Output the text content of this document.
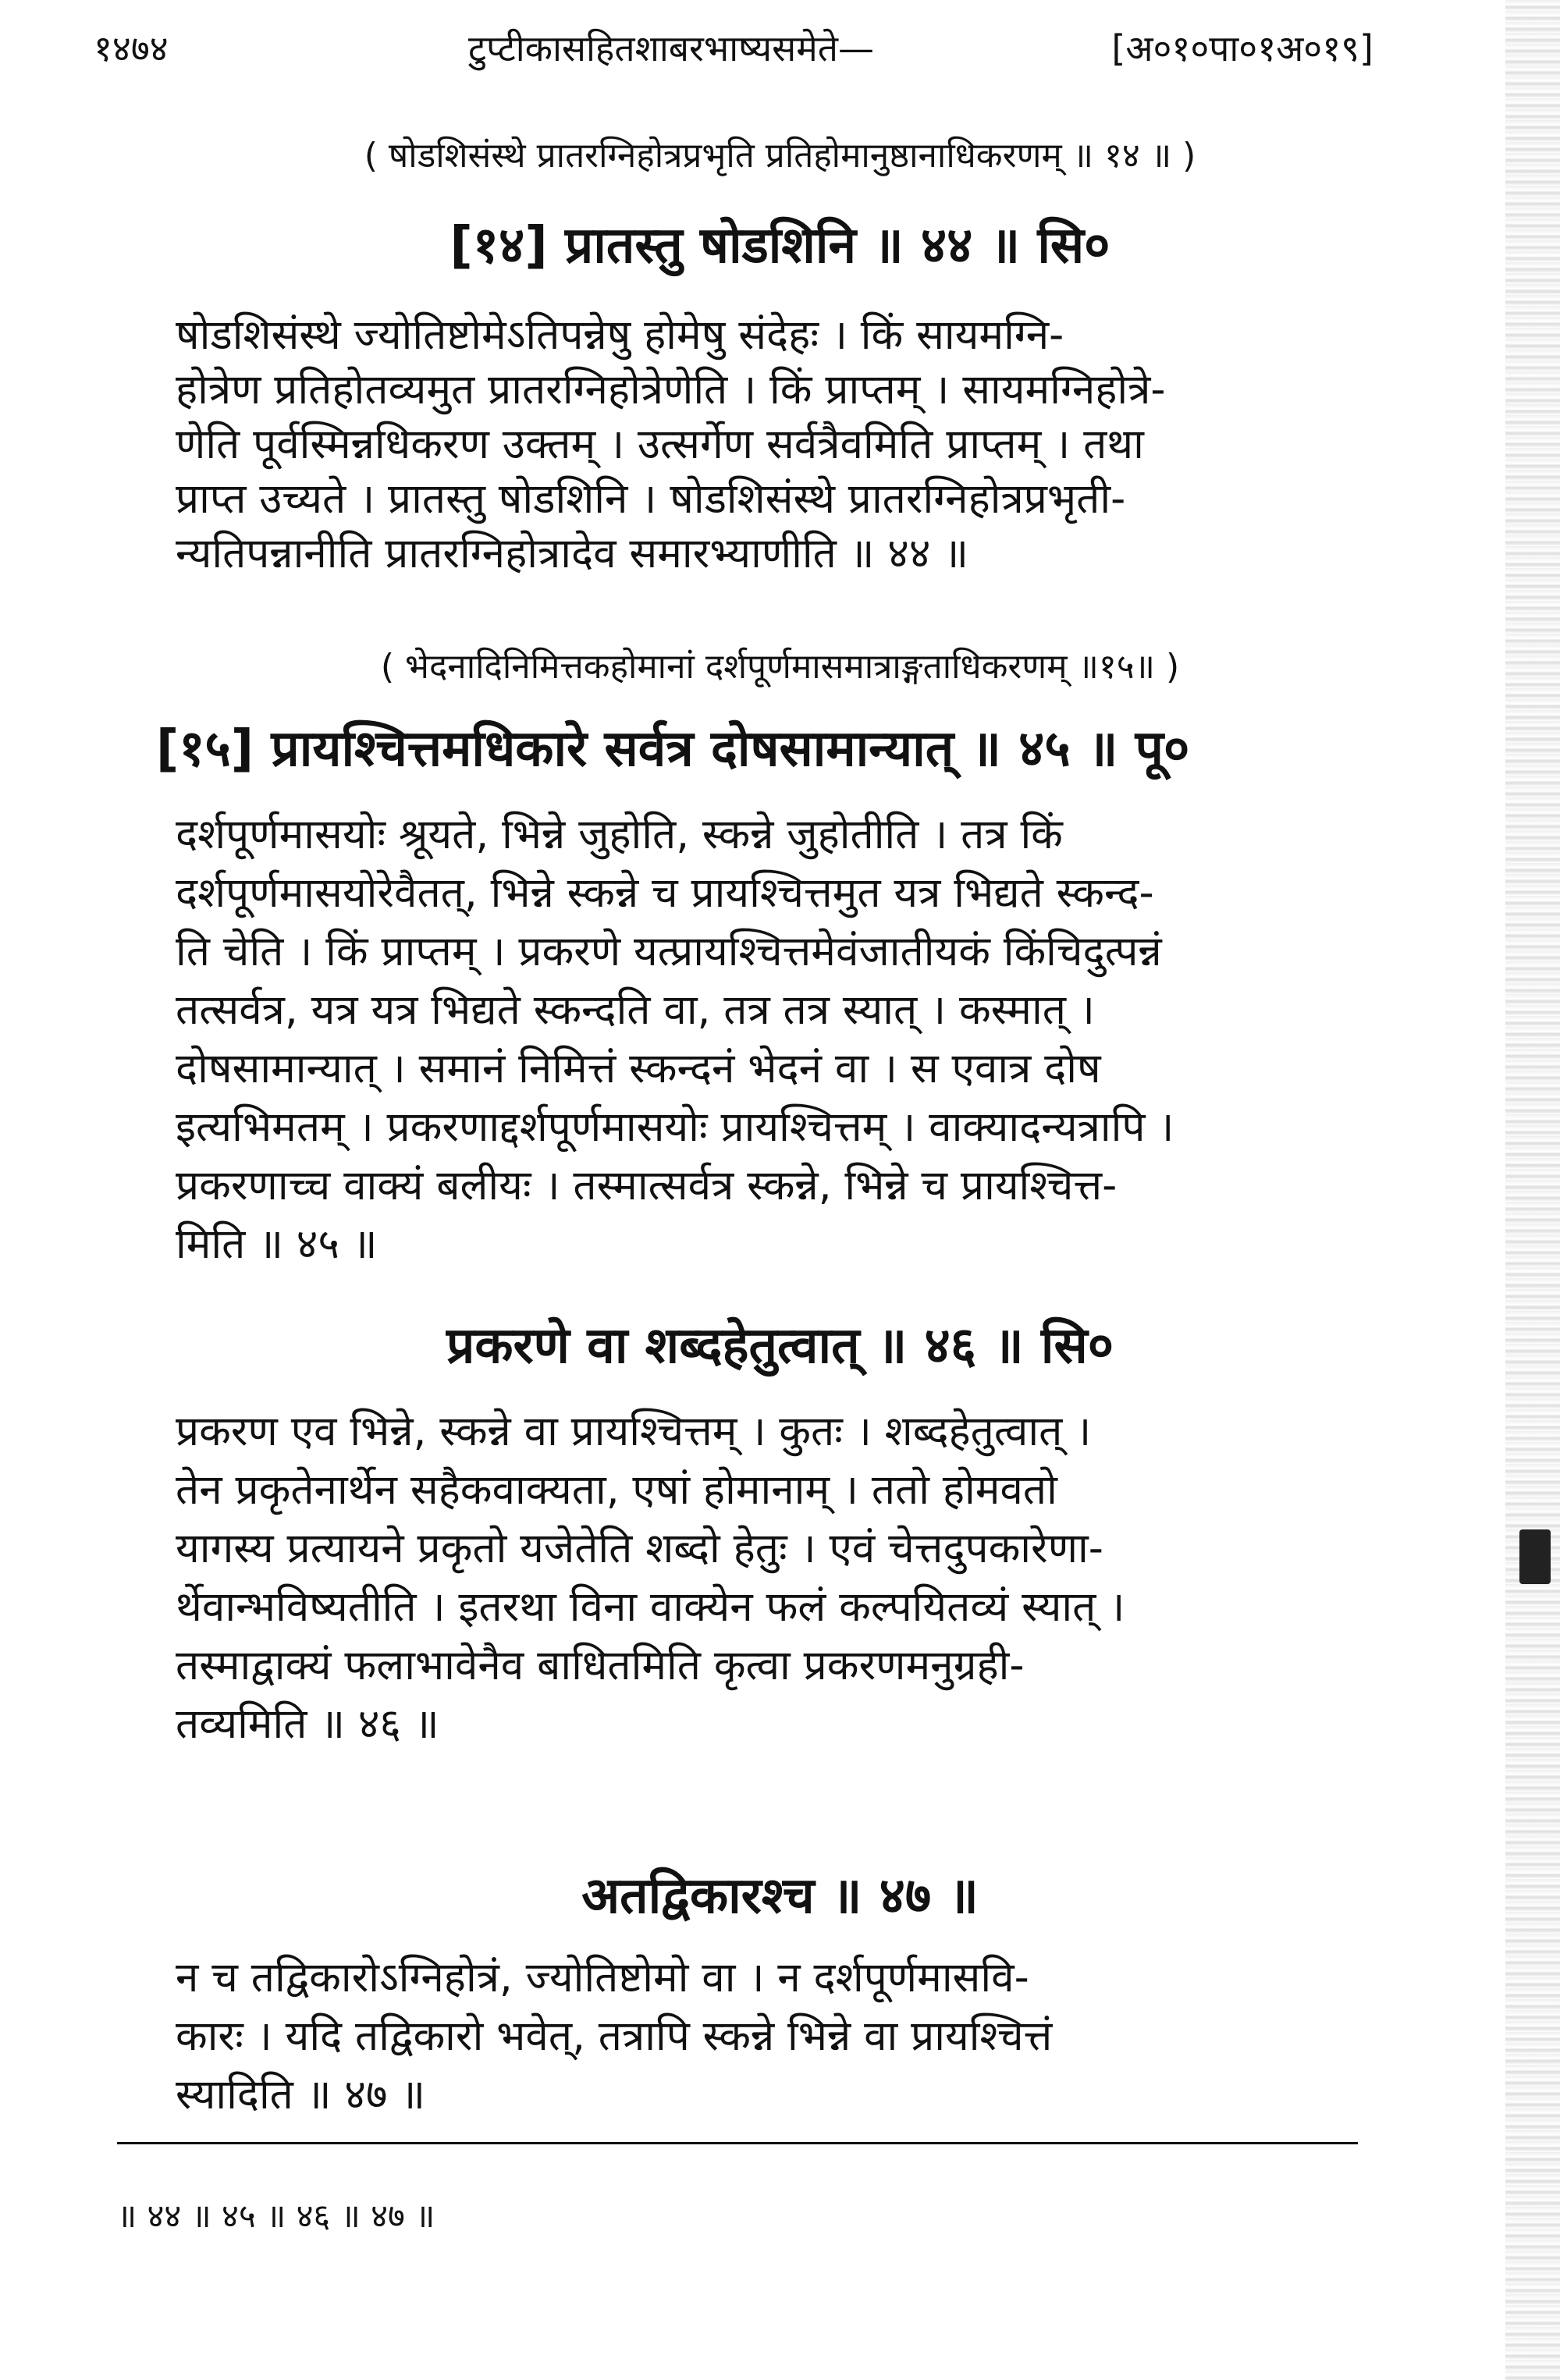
१४७४	टुप्टीकासहितशाबरभाष्यसमेते—	[अ०१०पा०१अ०१९]
( षोडशिसंस्थे प्रातरग्निहोत्रप्रभृति प्रतिहोमानुष्ठानाधिकरणम् ॥ १४ ॥ )
[१४] प्रातस्तु षोडशिनि ॥ ४४ ॥ सि०
षोडशिसंस्थे ज्योतिष्टोमेऽतिपन्नेषु होमेषु संदेहः । किं सायमग्नि-
होत्रेण प्रतिहोतव्यमुत प्रातरग्निहोत्रेणेति । किं प्राप्तम् । सायमग्निहोत्रे-
णेति पूर्वस्मिन्नधिकरण उक्तम् । उत्सर्गेण सर्वत्रैवमिति प्राप्तम् । तथा
प्राप्त उच्यते । प्रातस्तु षोडशिनि । षोडशिसंस्थे प्रातरग्निहोत्रप्रभृती-
न्यतिपन्नानीति प्रातरग्निहोत्रादेव समारभ्याणीति ॥ ४४ ॥
( भेदनादिनिमित्तकहोमानां दर्शपूर्णमासमात्राङ्गताधिकरणम् ॥१५॥ )
[१५] प्रायश्चित्तमधिकारे सर्वत्र दोषसामान्यात् ॥ ४५ ॥ पू०
दर्शपूर्णमासयोः श्रूयते, भिन्ने जुहोति, स्कन्ने जुहोतीति । तत्र किं
दर्शपूर्णमासयोरेवैतत्, भिन्ने स्कन्ने च प्रायश्चित्तमुत यत्र भिद्यते स्कन्द-
ति चेति । किं प्राप्तम् । प्रकरणे यत्प्रायश्चित्तमेवंजातीयकं किंचिदुत्पन्नं
तत्सर्वत्र, यत्र यत्र भिद्यते स्कन्दति वा, तत्र तत्र स्यात् । कस्मात् ।
दोषसामान्यात् । समानं निमित्तं स्कन्दनं भेदनं वा । स एवात्र दोष
इत्यभिमतम् । प्रकरणाद्दर्शपूर्णमासयोः प्रायश्चित्तम् । वाक्यादन्यत्रापि ।
प्रकरणाच्च वाक्यं बलीयः । तस्मात्सर्वत्र स्कन्ने, भिन्ने च प्रायश्चित्त-
मिति ॥ ४५ ॥
प्रकरणे वा शब्दहेतुत्वात् ॥ ४६ ॥ सि०
प्रकरण एव भिन्ने, स्कन्ने वा प्रायश्चित्तम् । कुतः । शब्दहेतुत्वात् ।
तेन प्रकृतेनार्थेन सहैकवाक्यता, एषां होमानाम् । ततो होमवतो
यागस्य प्रत्यायने प्रकृतो यजेतेति शब्दो हेतुः । एवं चेत्तदुपकारेणा-
र्थेवान्भविष्यतीति । इतरथा विना वाक्येन फलं कल्पयितव्यं स्यात् ।
तस्माद्वाक्यं फलाभावेनैव बाधितमिति कृत्वा प्रकरणमनुग्रही-
तव्यमिति ॥ ४६ ॥
अतद्विकारश्च ॥ ४७ ॥
न च तद्विकारोऽग्निहोत्रं, ज्योतिष्टोमो वा । न दर्शपूर्णमासवि-
कारः । यदि तद्विकारो भवेत्, तत्रापि स्कन्ने भिन्ने वा प्रायश्चित्तं
स्यादिति ॥ ४७ ॥
॥ ४४ ॥ ४५ ॥ ४६ ॥ ४७ ॥
